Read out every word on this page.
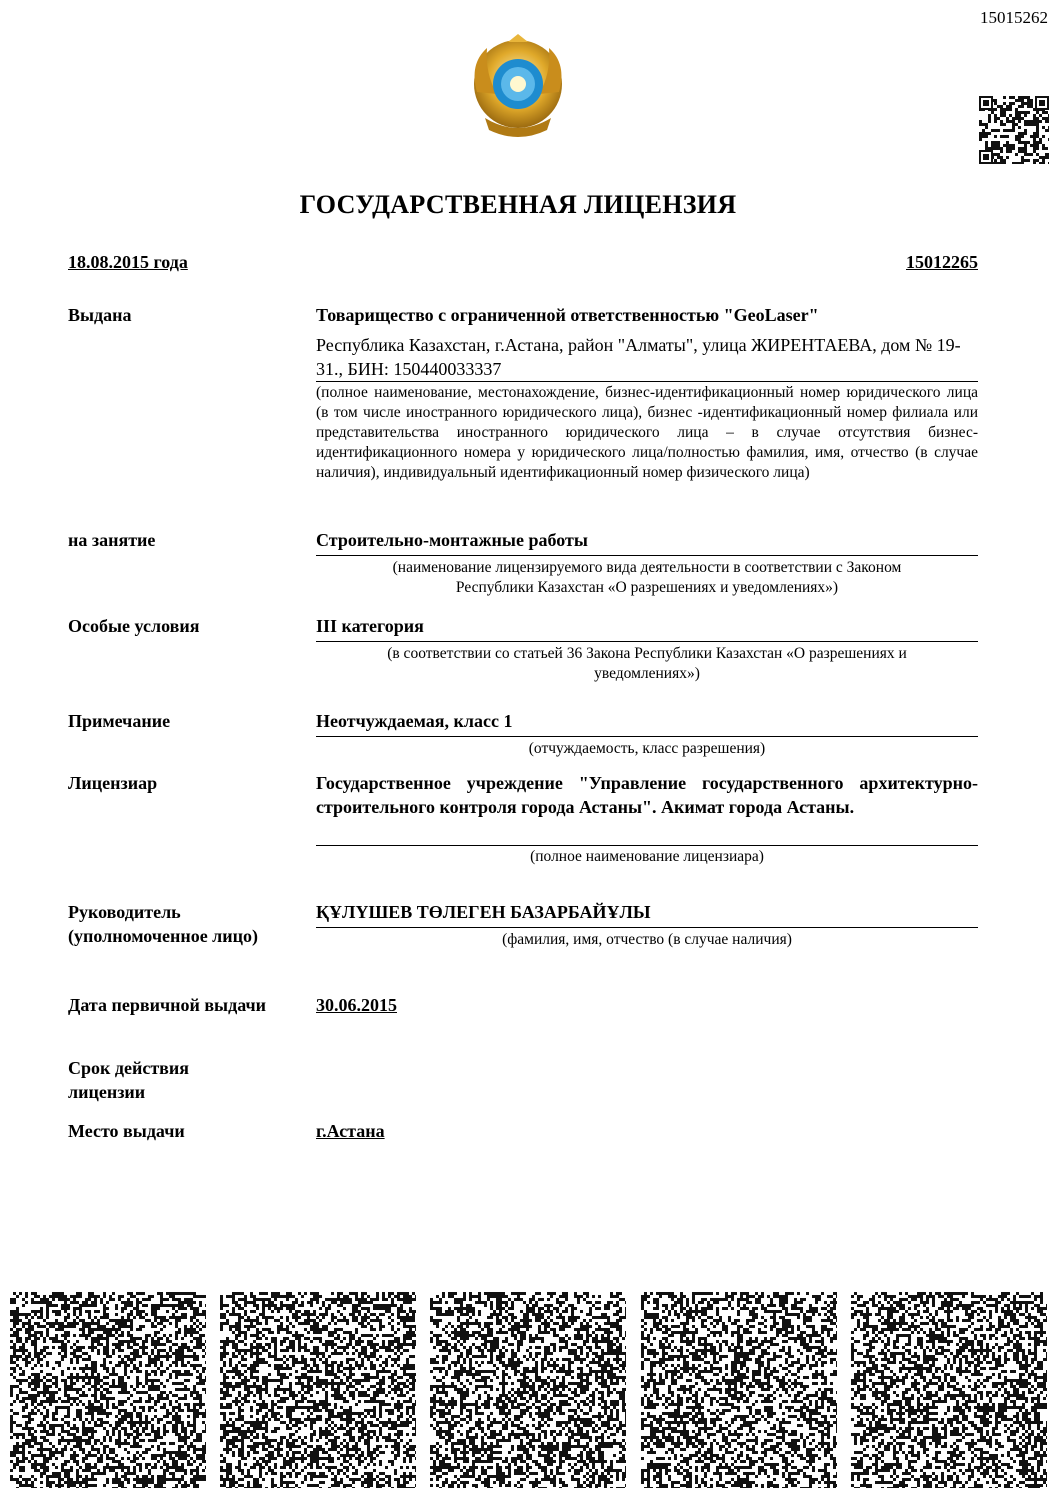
15015262
ГОСУДАРСТВЕННАЯ ЛИЦЕНЗИЯ
18.08.2015 года	15012265
Выдана	Товарищество с ограниченной ответственностью "GeoLaser"
Республика Казахстан, г.Астана, район "Алматы", улица ЖИРЕНТАЕВА, дом № 19-31., БИН: 150440033337
(полное наименование, местонахождение, бизнес-идентификационный номер юридического лица (в том числе иностранного юридического лица), бизнес -идентификационный номер филиала или представительства иностранного юридического лица – в случае отсутствия бизнес-идентификационного номера у юридического лица/полностью фамилия, имя, отчество (в случае наличия), индивидуальный идентификационный номер физического лица)
на занятие	Строительно-монтажные работы
(наименование лицензируемого вида деятельности в соответствии с Законом Республики Казахстан «О разрешениях и уведомлениях»)
Особые условия	III категория
(в соответствии со статьей 36 Закона Республики Казахстан «О разрешениях и уведомлениях»)
Примечание	Неотчуждаемая, класс 1
(отчуждаемость, класс разрешения)
Лицензиар	Государственное учреждение "Управление государственного архитектурно-строительного контроля города Астаны". Акимат города Астаны.
(полное наименование лицензиара)
Руководитель (уполномоченное лицо)
ҚҰЛҮШЕВ ТӨЛЕГЕН БАЗАРБАЙҰЛЫ
(фамилия, имя, отчество (в случае наличия)
Дата первичной выдачи	30.06.2015
Срок действия лицензии
Место выдачи	г.Астана
